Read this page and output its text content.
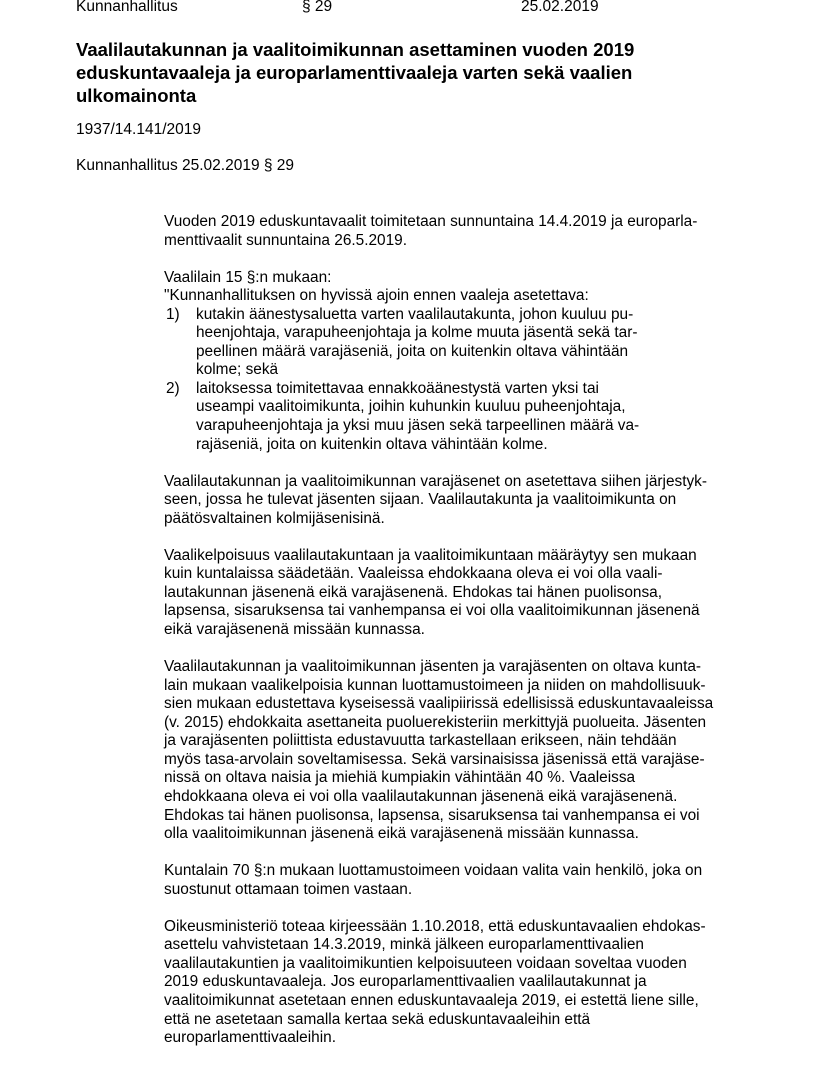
Kunnanhallitus	§ 29	25.02.2019
Vaalilautakunnan ja vaalitoimikunnan asettaminen vuoden 2019
eduskuntavaaleja ja europarlamenttivaaleja varten sekä vaalien
ulkomainonta
1937/14.141/2019
Kunnanhallitus 25.02.2019 § 29
Vuoden 2019 eduskuntavaalit toimitetaan sunnuntaina 14.4.2019 ja europarla-
menttivaalit sunnuntaina 26.5.2019.
Vaalilain 15 §:n mukaan:
"Kunnanhallituksen on hyvissä ajoin ennen vaaleja asetettava:
1) kutakin äänestysaluetta varten vaalilautakunta, johon kuuluu pu-
heenjohtaja, varapuheenjohtaja ja kolme muuta jäsentä sekä tar-
peellinen määrä varajäseniä, joita on kuitenkin oltava vähintään
kolme; sekä
2) laitoksessa toimitettavaa ennakkoäänestystä varten yksi tai
useampi vaalitoimikunta, joihin kuhunkin kuuluu puheenjohtaja,
varapuheenjohtaja ja yksi muu jäsen sekä tarpeellinen määrä va-
rajäseniä, joita on kuitenkin oltava vähintään kolme.
Vaalilautakunnan ja vaalitoimikunnan varajäsenet on asetettava siihen järjestyk-
seen, jossa he tulevat jäsenten sijaan. Vaalilautakunta ja vaalitoimikunta on
päätösvaltainen kolmijäsenisinä.
Vaalikelpoisuus vaalilautakuntaan ja vaalitoimikuntaan määräytyy sen mukaan
kuin kuntalaissa säädetään. Vaaleissa ehdokkaana oleva ei voi olla vaali-
lautakunnan jäsenenä eikä varajäsenenä. Ehdokas tai hänen puolisonsa,
lapsensa, sisaruksensa tai vanhempansa ei voi olla vaalitoimikunnan jäsenenä
eikä varajäsenenä missään kunnassa.
Vaalilautakunnan ja vaalitoimikunnan jäsenten ja varajäsenten on oltava kunta-
lain mukaan vaalikelpoisia kunnan luottamustoimeen ja niiden on mahdollisuuk-
sien mukaan edustettava kyseisessä vaalipiirissä edellisissä eduskuntavaaleissa
(v. 2015) ehdokkaita asettaneita puoluerekisteriin merkittyjä puolueita. Jäsenten
ja varajäsenten poliittista edustavuutta tarkastellaan erikseen, näin tehdään
myös tasa-arvolain soveltamisessa. Sekä varsinaisissa jäsenissä että varajäse-
nissä on oltava naisia ja miehiä kumpiakin vähintään 40 %. Vaaleissa
ehdokkaana oleva ei voi olla vaalilautakunnan jäsenenä eikä varajäsenenä.
Ehdokas tai hänen puolisonsa, lapsensa, sisaruksensa tai vanhempansa ei voi
olla vaalitoimikunnan jäsenenä eikä varajäsenenä missään kunnassa.
Kuntalain 70 §:n mukaan luottamustoimeen voidaan valita vain henkilö, joka on
suostunut ottamaan toimen vastaan.
Oikeusministeriö toteaa kirjeessään 1.10.2018, että eduskuntavaalien ehdokas-
asettelu vahvistetaan 14.3.2019, minkä jälkeen europarlamenttivaalien
vaalilautakuntien ja vaalitoimikuntien kelpoisuuteen voidaan soveltaa vuoden
2019 eduskuntavaaleja. Jos europarlamenttivaalien vaalilautakunnat ja
vaalitoimikunnat asetetaan ennen eduskuntavaaleja 2019, ei estettä liene sille,
että ne asetetaan samalla kertaa sekä eduskuntavaaleihin että
europarlamenttivaaleihin.
